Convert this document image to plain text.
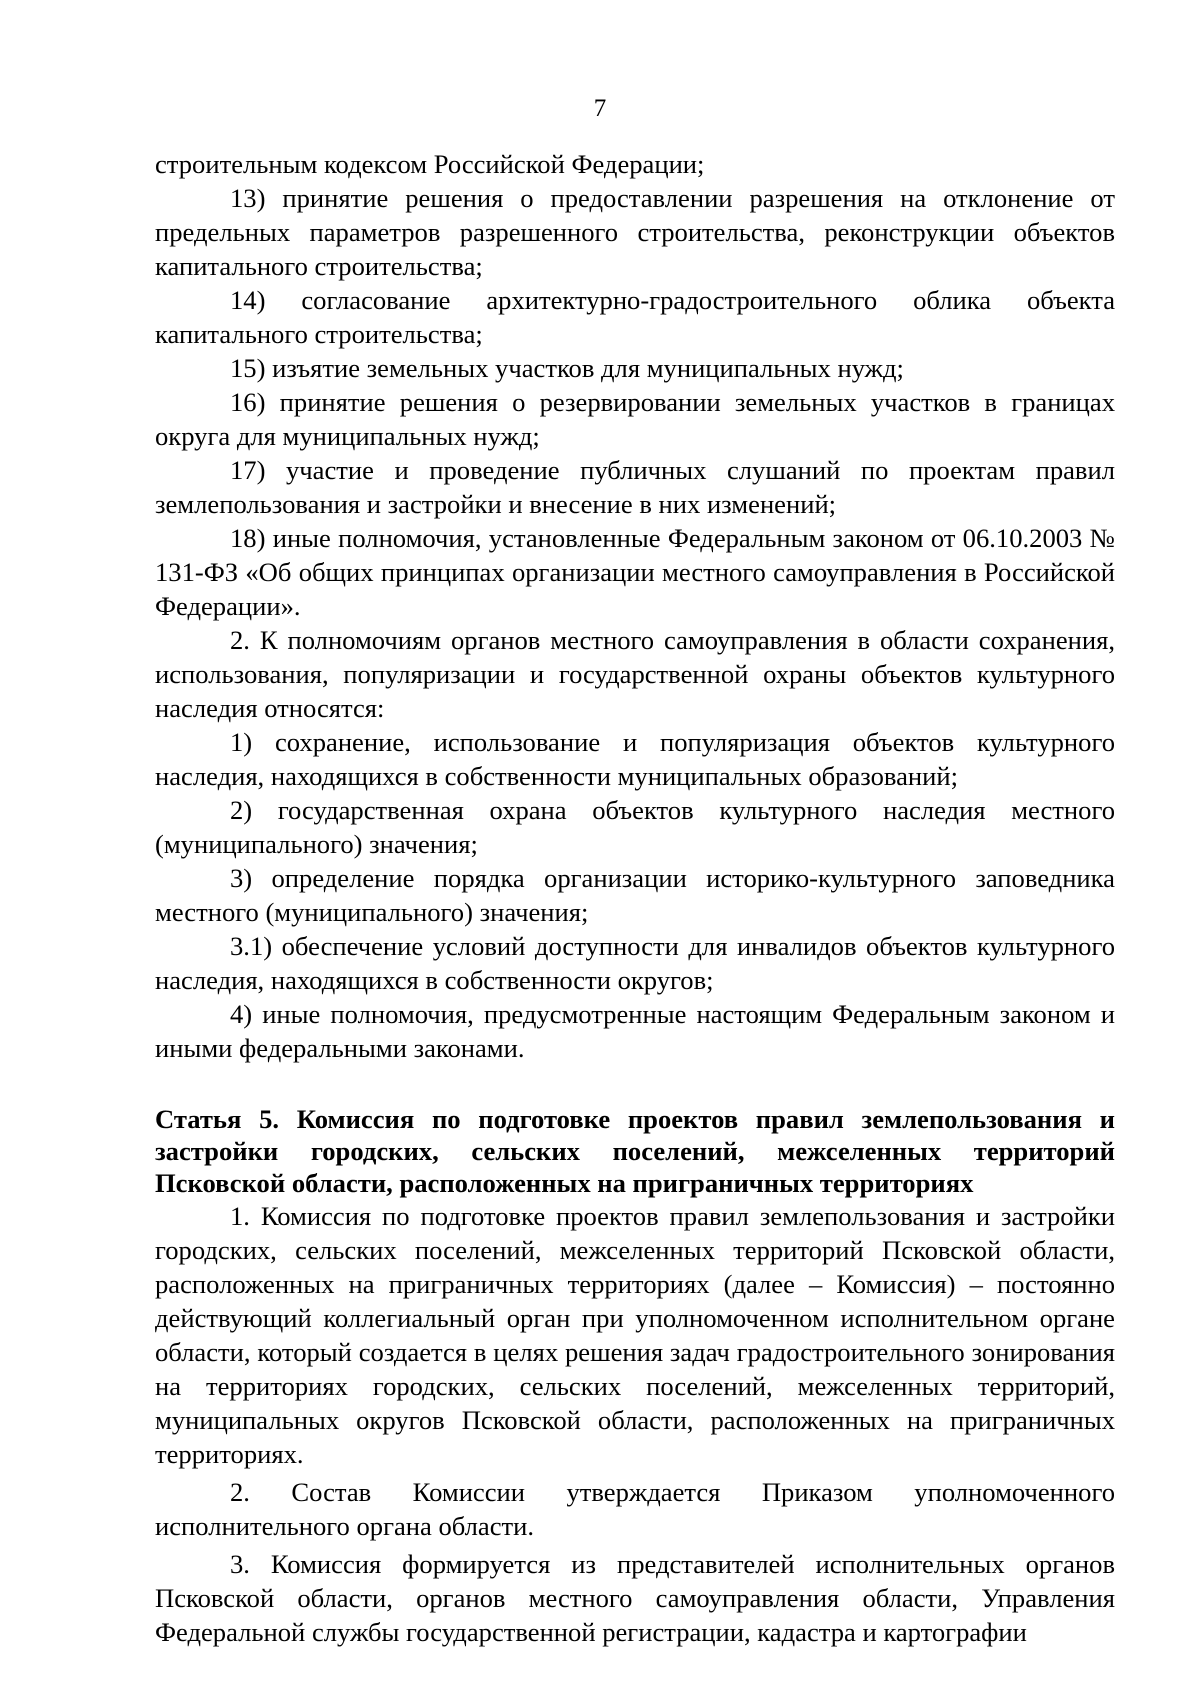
7

строительным кодексом Российской Федерации;

13) принятие решения о предоставлении разрешения на отклонение от предельных параметров разрешенного строительства, реконструкции объектов капитального строительства;

14) согласование архитектурно-градостроительного облика объекта капитального строительства;

15) изъятие земельных участков для муниципальных нужд;

16) принятие решения о резервировании земельных участков в границах округа для муниципальных нужд;

17) участие и проведение публичных слушаний по проектам правил землепользования и застройки и внесение в них изменений;

18) иные полномочия, установленные Федеральным законом от 06.10.2003 № 131-ФЗ «Об общих принципах организации местного самоуправления в Российской Федерации».

2. К полномочиям органов местного самоуправления в области сохранения, использования, популяризации и государственной охраны объектов культурного наследия относятся:

1) сохранение, использование и популяризация объектов культурного наследия, находящихся в собственности муниципальных образований;

2) государственная охрана объектов культурного наследия местного (муниципального) значения;

3) определение порядка организации историко-культурного заповедника местного (муниципального) значения;

3.1) обеспечение условий доступности для инвалидов объектов культурного наследия, находящихся в собственности округов;

4) иные полномочия, предусмотренные настоящим Федеральным законом и иными федеральными законами.

Статья 5. Комиссия по подготовке проектов правил землепользования и застройки городских, сельских поселений, межселенных территорий Псковской области, расположенных на приграничных территориях

1. Комиссия по подготовке проектов правил землепользования и застройки городских, сельских поселений, межселенных территорий Псковской области, расположенных на приграничных территориях (далее – Комиссия) – постоянно действующий коллегиальный орган при уполномоченном исполнительном органе области, который создается в целях решения задач градостроительного зонирования на территориях городских, сельских поселений, межселенных территорий, муниципальных округов Псковской области, расположенных на приграничных территориях.

2. Состав Комиссии утверждается Приказом уполномоченного исполнительного органа области.

3. Комиссия формируется из представителей исполнительных органов Псковской области, органов местного самоуправления области, Управления Федеральной службы государственной регистрации, кадастра и картографии
